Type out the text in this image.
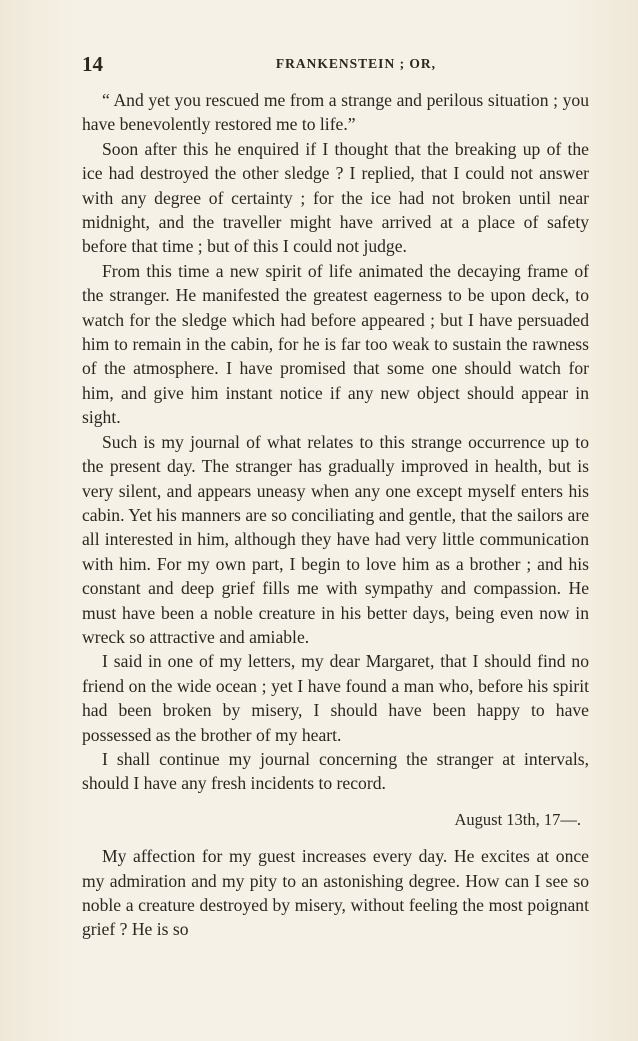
14	FRANKENSTEIN ; OR,

“ And yet you rescued me from a strange and perilous situation ; you have benevolently restored me to life.”

Soon after this he enquired if I thought that the breaking up of the ice had destroyed the other sledge ? I replied, that I could not answer with any degree of certainty ; for the ice had not broken until near midnight, and the traveller might have arrived at a place of safety before that time ; but of this I could not judge.

From this time a new spirit of life animated the decaying frame of the stranger. He manifested the greatest eagerness to be upon deck, to watch for the sledge which had before appeared ; but I have persuaded him to remain in the cabin, for he is far too weak to sustain the rawness of the atmosphere. I have promised that some one should watch for him, and give him instant notice if any new object should appear in sight.

Such is my journal of what relates to this strange occurrence up to the present day. The stranger has gradually improved in health, but is very silent, and appears uneasy when any one except myself enters his cabin. Yet his manners are so conciliating and gentle, that the sailors are all interested in him, although they have had very little communication with him. For my own part, I begin to love him as a brother ; and his constant and deep grief fills me with sympathy and compassion. He must have been a noble creature in his better days, being even now in wreck so attractive and amiable.

I said in one of my letters, my dear Margaret, that I should find no friend on the wide ocean ; yet I have found a man who, before his spirit had been broken by misery, I should have been happy to have possessed as the brother of my heart.

I shall continue my journal concerning the stranger at intervals, should I have any fresh incidents to record.

August 13th, 17—.

My affection for my guest increases every day. He excites at once my admiration and my pity to an astonishing degree. How can I see so noble a creature destroyed by misery, without feeling the most poignant grief ? He is so
